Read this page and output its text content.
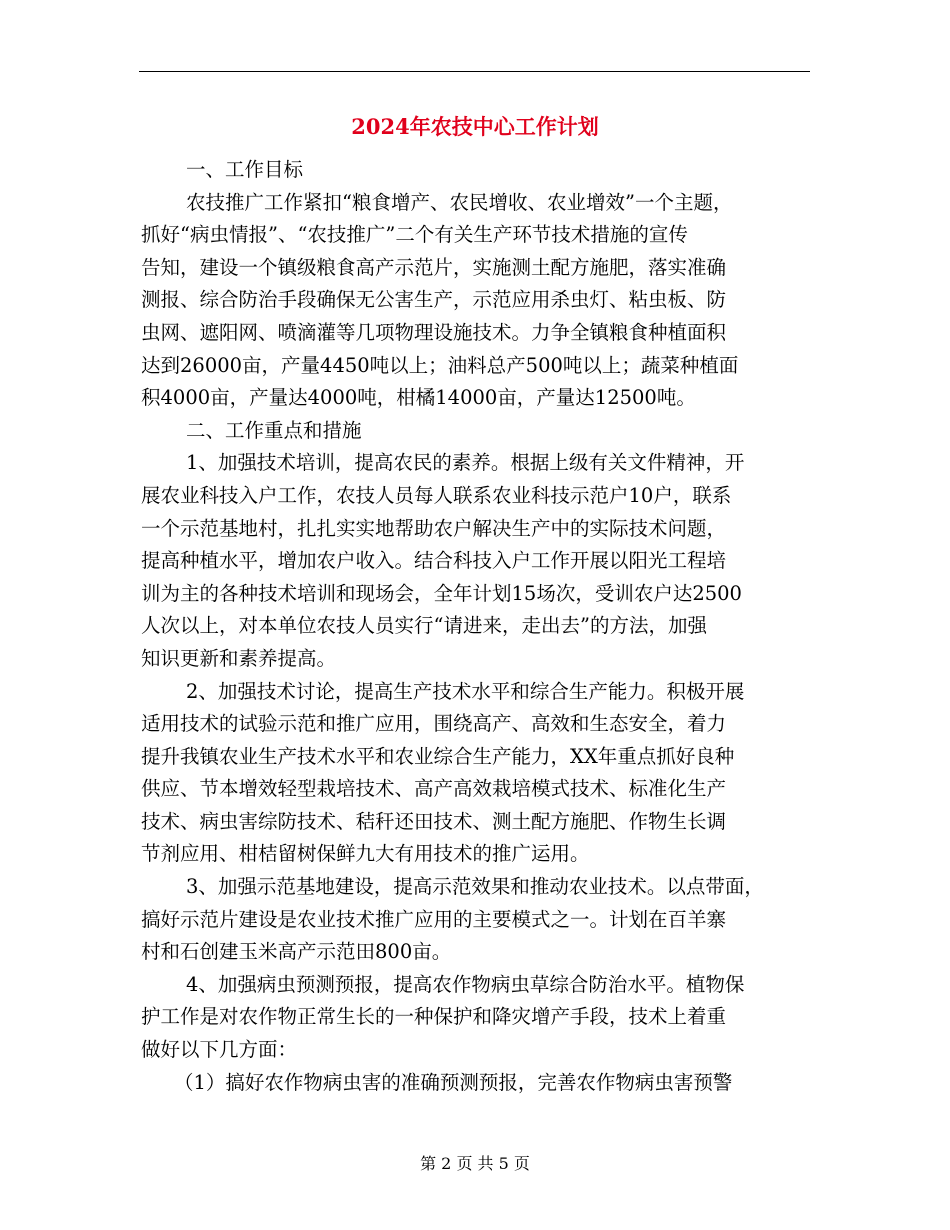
2024年农技中心工作计划
一、工作目标
农技推广工作紧扣“粮食增产、农民增收、农业增效”一个主题，
抓好“病虫情报”、“农技推广”二个有关生产环节技术措施的宣传
告知，建设一个镇级粮食高产示范片，实施测土配方施肥，落实准确
测报、综合防治手段确保无公害生产，示范应用杀虫灯、粘虫板、防
虫网、遮阳网、喷滴灌等几项物理设施技术。力争全镇粮食种植面积
达到26000亩，产量4450吨以上；油料总产500吨以上；蔬菜种植面
积4000亩，产量达4000吨，柑橘14000亩，产量达12500吨。
二、工作重点和措施
1、加强技术培训，提高农民的素养。根据上级有关文件精神，开
展农业科技入户工作，农技人员每人联系农业科技示范户10户，联系
一个示范基地村，扎扎实实地帮助农户解决生产中的实际技术问题，
提高种植水平，增加农户收入。结合科技入户工作开展以阳光工程培
训为主的各种技术培训和现场会，全年计划15场次，受训农户达2500
人次以上，对本单位农技人员实行“请进来，走出去”的方法，加强
知识更新和素养提高。
2、加强技术讨论，提高生产技术水平和综合生产能力。积极开展
适用技术的试验示范和推广应用，围绕高产、高效和生态安全，着力
提升我镇农业生产技术水平和农业综合生产能力，XX年重点抓好良种
供应、节本增效轻型栽培技术、高产高效栽培模式技术、标准化生产
技术、病虫害综防技术、秸秆还田技术、测土配方施肥、作物生长调
节剂应用、柑桔留树保鲜九大有用技术的推广运用。
3、加强示范基地建设，提高示范效果和推动农业技术。以点带面，
搞好示范片建设是农业技术推广应用的主要模式之一。计划在百羊寨
村和石创建玉米高产示范田800亩。
4、加强病虫预测预报，提高农作物病虫草综合防治水平。植物保
护工作是对农作物正常生长的一种保护和降灾增产手段，技术上着重
做好以下几方面：
（1）搞好农作物病虫害的准确预测预报，完善农作物病虫害预警
第 2 页 共 5 页
